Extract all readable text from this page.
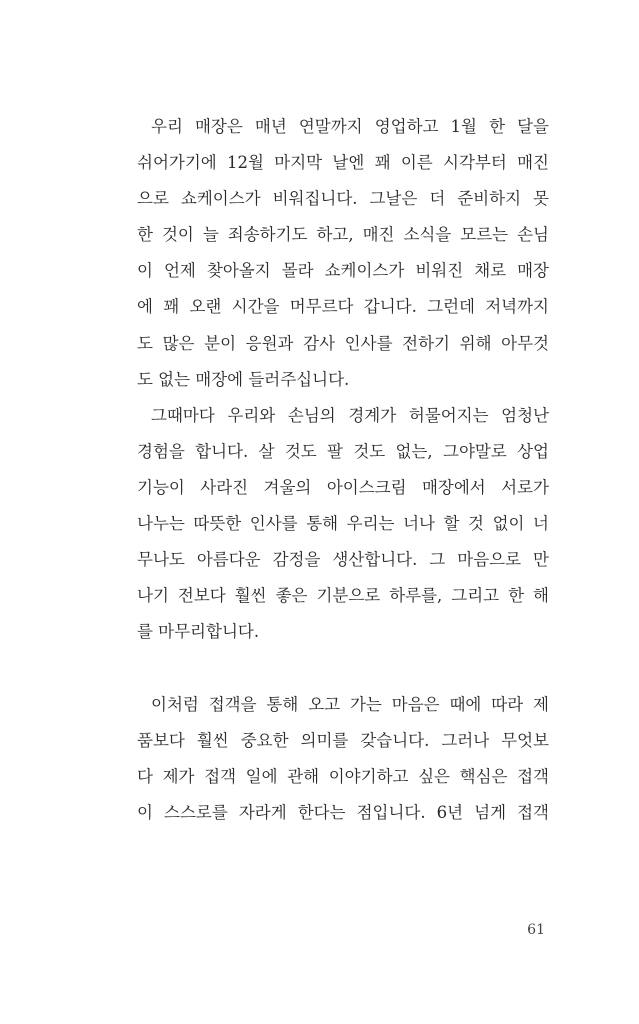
우리 매장은 매년 연말까지 영업하고 1월 한 달을
쉬어가기에 12월 마지막 날엔 꽤 이른 시각부터 매진
으로 쇼케이스가 비워집니다. 그날은 더 준비하지 못
한 것이 늘 죄송하기도 하고, 매진 소식을 모르는 손님
이 언제 찾아올지 몰라 쇼케이스가 비워진 채로 매장
에 꽤 오랜 시간을 머무르다 갑니다. 그런데 저녁까지
도 많은 분이 응원과 감사 인사를 전하기 위해 아무것
도 없는 매장에 들러주십니다.
그때마다 우리와 손님의 경계가 허물어지는 엄청난
경험을 합니다. 살 것도 팔 것도 없는, 그야말로 상업
기능이 사라진 겨울의 아이스크림 매장에서 서로가
나누는 따뜻한 인사를 통해 우리는 너나 할 것 없이 너
무나도 아름다운 감정을 생산합니다. 그 마음으로 만
나기 전보다 훨씬 좋은 기분으로 하루를, 그리고 한 해
를 마무리합니다.
이처럼 접객을 통해 오고 가는 마음은 때에 따라 제
품보다 훨씬 중요한 의미를 갖습니다. 그러나 무엇보
다 제가 접객 일에 관해 이야기하고 싶은 핵심은 접객
이 스스로를 자라게 한다는 점입니다. 6년 넘게 접객
61
